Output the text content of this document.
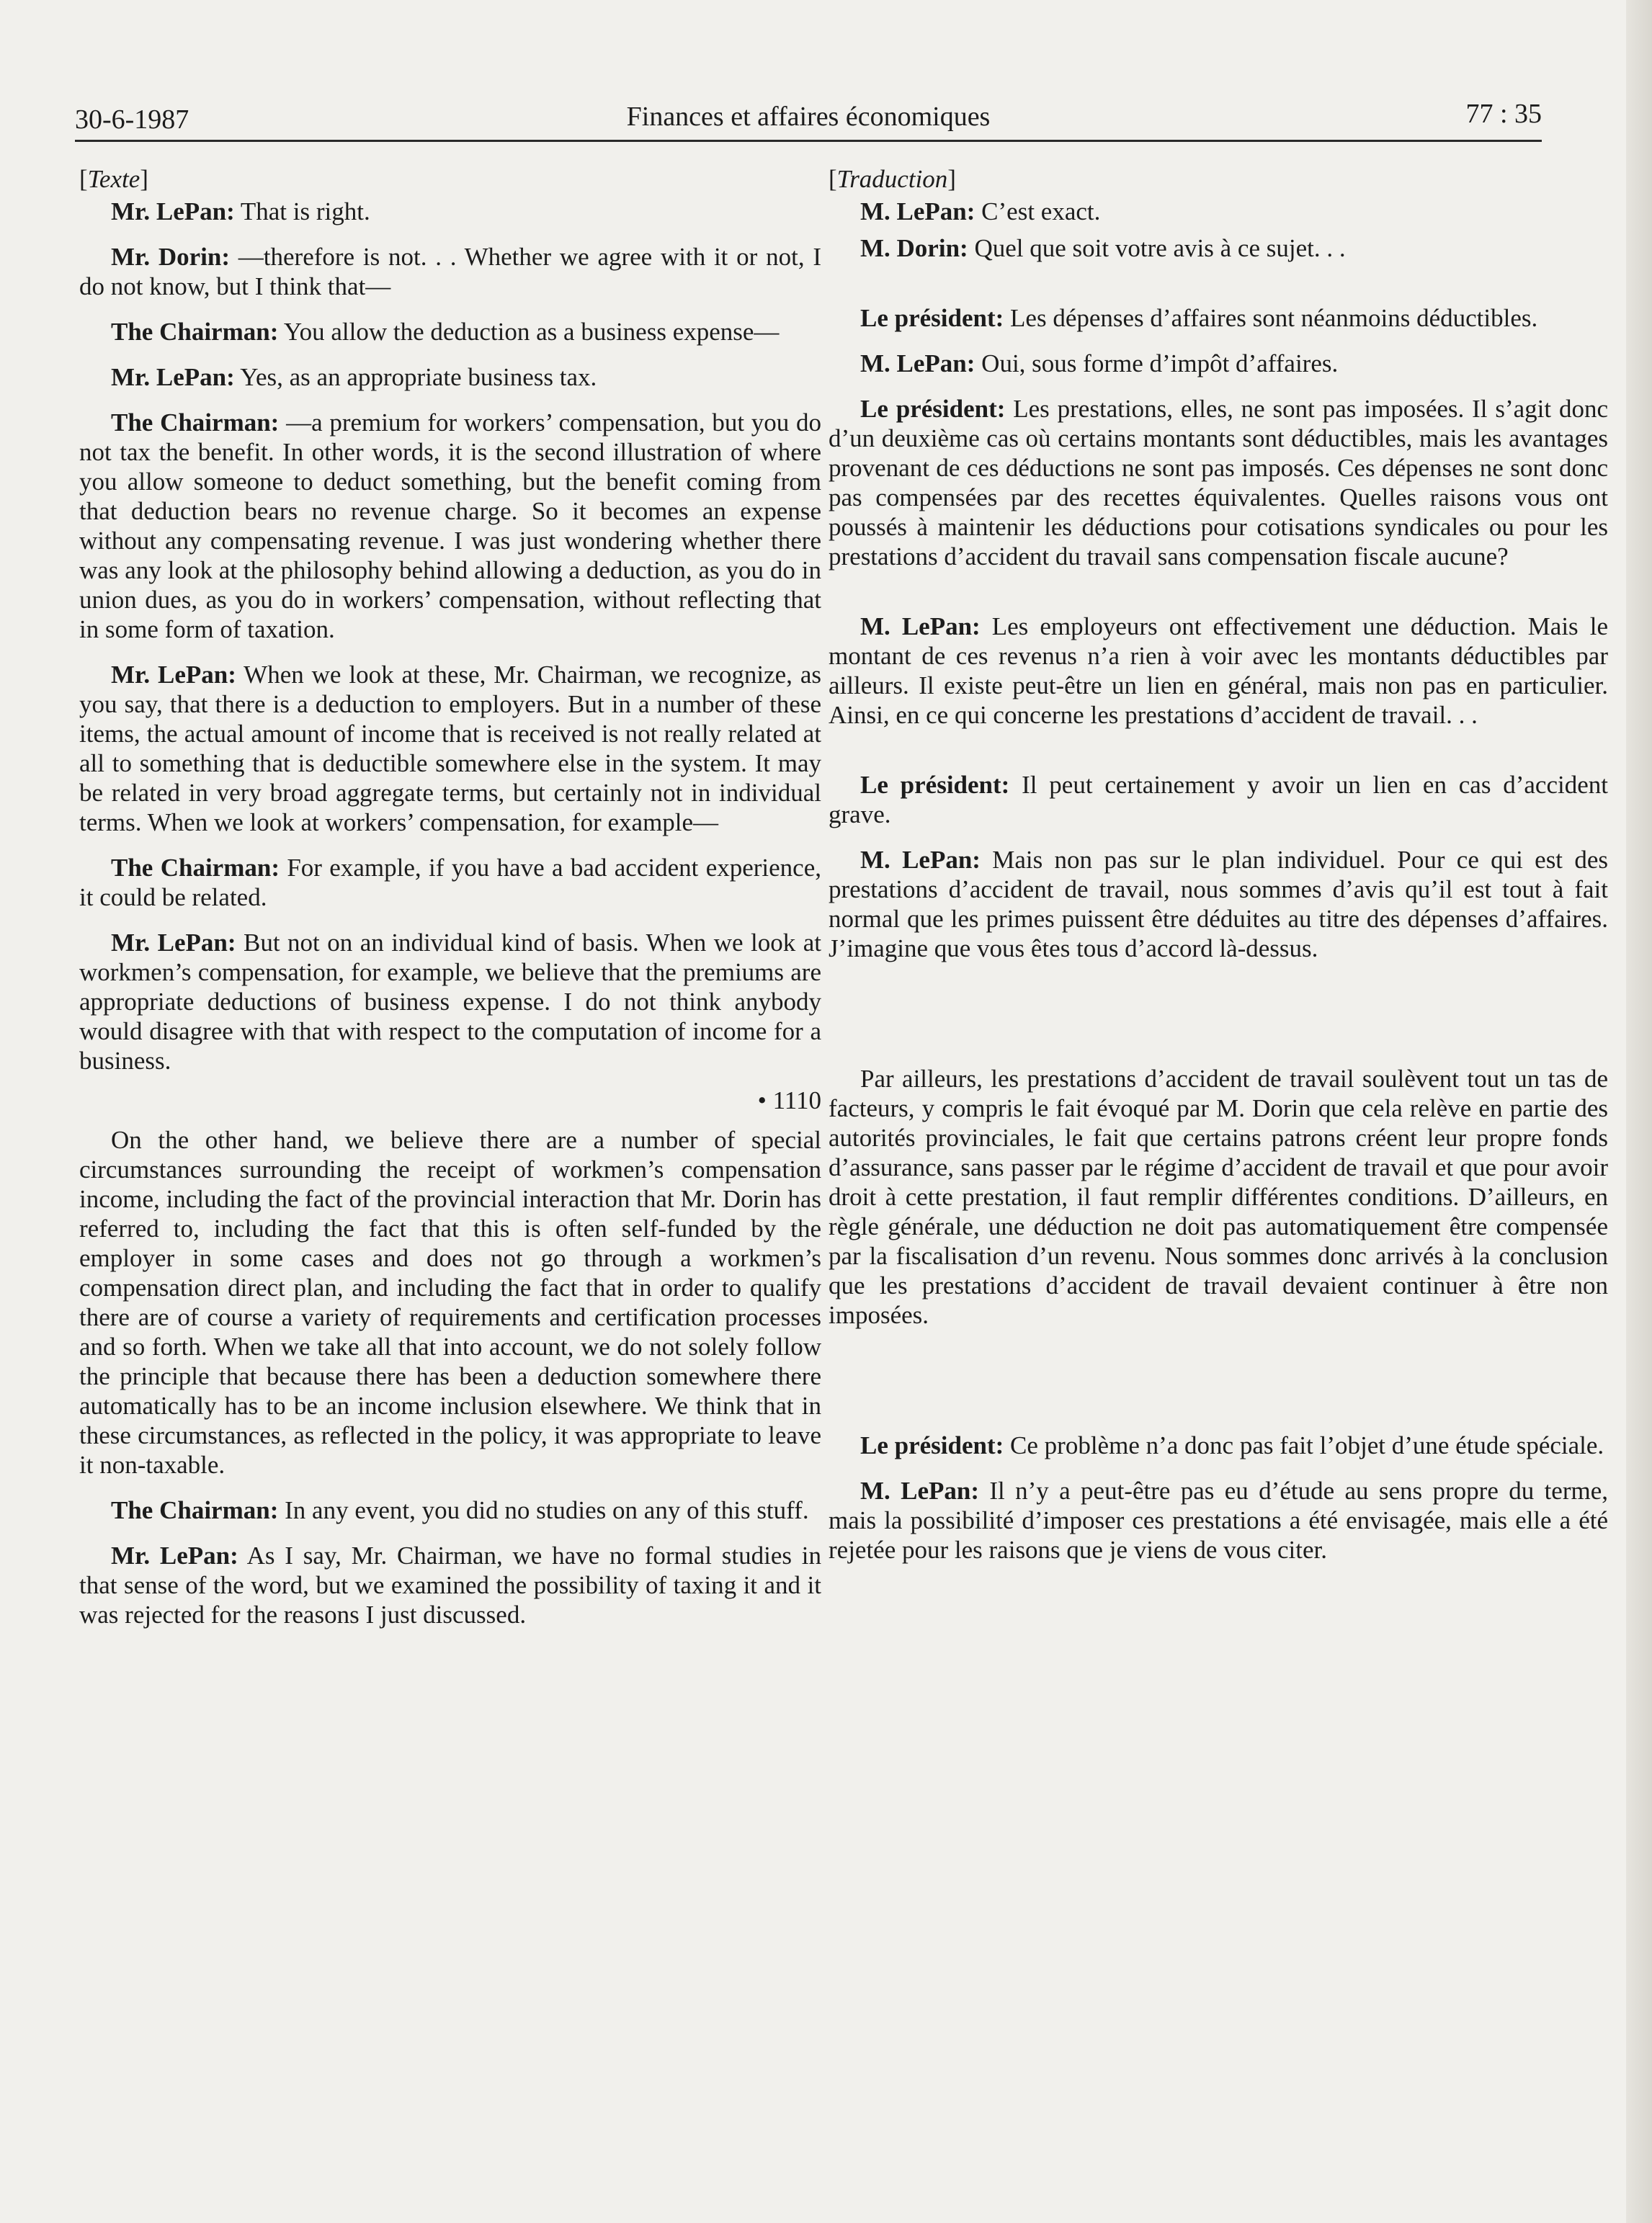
30-6-1987	Finances et affaires économiques	77 : 35

[Texte]

Mr. LePan: That is right.

Mr. Dorin: —therefore is not. . . Whether we agree with it or not, I do not know, but I think that—

The Chairman: You allow the deduction as a business expense—

Mr. LePan: Yes, as an appropriate business tax.

The Chairman: —a premium for workers’ compensation, but you do not tax the benefit. In other words, it is the second illustration of where you allow someone to deduct something, but the benefit coming from that deduction bears no revenue charge. So it becomes an expense without any compensating revenue. I was just wondering whether there was any look at the philosophy behind allowing a deduction, as you do in union dues, as you do in workers’ compensation, without reflecting that in some form of taxation.

Mr. LePan: When we look at these, Mr. Chairman, we recognize, as you say, that there is a deduction to employers. But in a number of these items, the actual amount of income that is received is not really related at all to something that is deductible somewhere else in the system. It may be related in very broad aggregate terms, but certainly not in individual terms. When we look at workers’ compensation, for example—

The Chairman: For example, if you have a bad accident experience, it could be related.

Mr. LePan: But not on an individual kind of basis. When we look at workmen’s compensation, for example, we believe that the premiums are appropriate deductions of business expense. I do not think anybody would disagree with that with respect to the computation of income for a business.

• 1110

On the other hand, we believe there are a number of special circumstances surrounding the receipt of workmen’s compensation income, including the fact of the provincial interaction that Mr. Dorin has referred to, including the fact that this is often self-funded by the employer in some cases and does not go through a workmen’s compensation direct plan, and including the fact that in order to qualify there are of course a variety of requirements and certification processes and so forth. When we take all that into account, we do not solely follow the principle that because there has been a deduction somewhere there automatically has to be an income inclusion elsewhere. We think that in these circumstances, as reflected in the policy, it was appropriate to leave it non-taxable.

The Chairman: In any event, you did no studies on any of this stuff.

Mr. LePan: As I say, Mr. Chairman, we have no formal studies in that sense of the word, but we examined the possibility of taxing it and it was rejected for the reasons I just discussed.

[Traduction]

M. LePan: C’est exact.

M. Dorin: Quel que soit votre avis à ce sujet. . .

Le président: Les dépenses d’affaires sont néanmoins déductibles.

M. LePan: Oui, sous forme d’impôt d’affaires.

Le président: Les prestations, elles, ne sont pas imposées. Il s’agit donc d’un deuxième cas où certains montants sont déductibles, mais les avantages provenant de ces déductions ne sont pas imposés. Ces dépenses ne sont donc pas compensées par des recettes équivalentes. Quelles raisons vous ont poussés à maintenir les déductions pour cotisations syndicales ou pour les prestations d’accident du travail sans compensation fiscale aucune?

M. LePan: Les employeurs ont effectivement une déduction. Mais le montant de ces revenus n’a rien à voir avec les montants déductibles par ailleurs. Il existe peut-être un lien en général, mais non pas en particulier. Ainsi, en ce qui concerne les prestations d’accident de travail. . .

Le président: Il peut certainement y avoir un lien en cas d’accident grave.

M. LePan: Mais non pas sur le plan individuel. Pour ce qui est des prestations d’accident de travail, nous sommes d’avis qu’il est tout à fait normal que les primes puissent être déduites au titre des dépenses d’affaires. J’imagine que vous êtes tous d’accord là-dessus.

Par ailleurs, les prestations d’accident de travail soulèvent tout un tas de facteurs, y compris le fait évoqué par M. Dorin que cela relève en partie des autorités provinciales, le fait que certains patrons créent leur propre fonds d’assurance, sans passer par le régime d’accident de travail et que pour avoir droit à cette prestation, il faut remplir différentes conditions. D’ailleurs, en règle générale, une déduction ne doit pas automatiquement être compensée par la fiscalisation d’un revenu. Nous sommes donc arrivés à la conclusion que les prestations d’accident de travail devaient continuer à être non imposées.

Le président: Ce problème n’a donc pas fait l’objet d’une étude spéciale.

M. LePan: Il n’y a peut-être pas eu d’étude au sens propre du terme, mais la possibilité d’imposer ces prestations a été envisagée, mais elle a été rejetée pour les raisons que je viens de vous citer.
